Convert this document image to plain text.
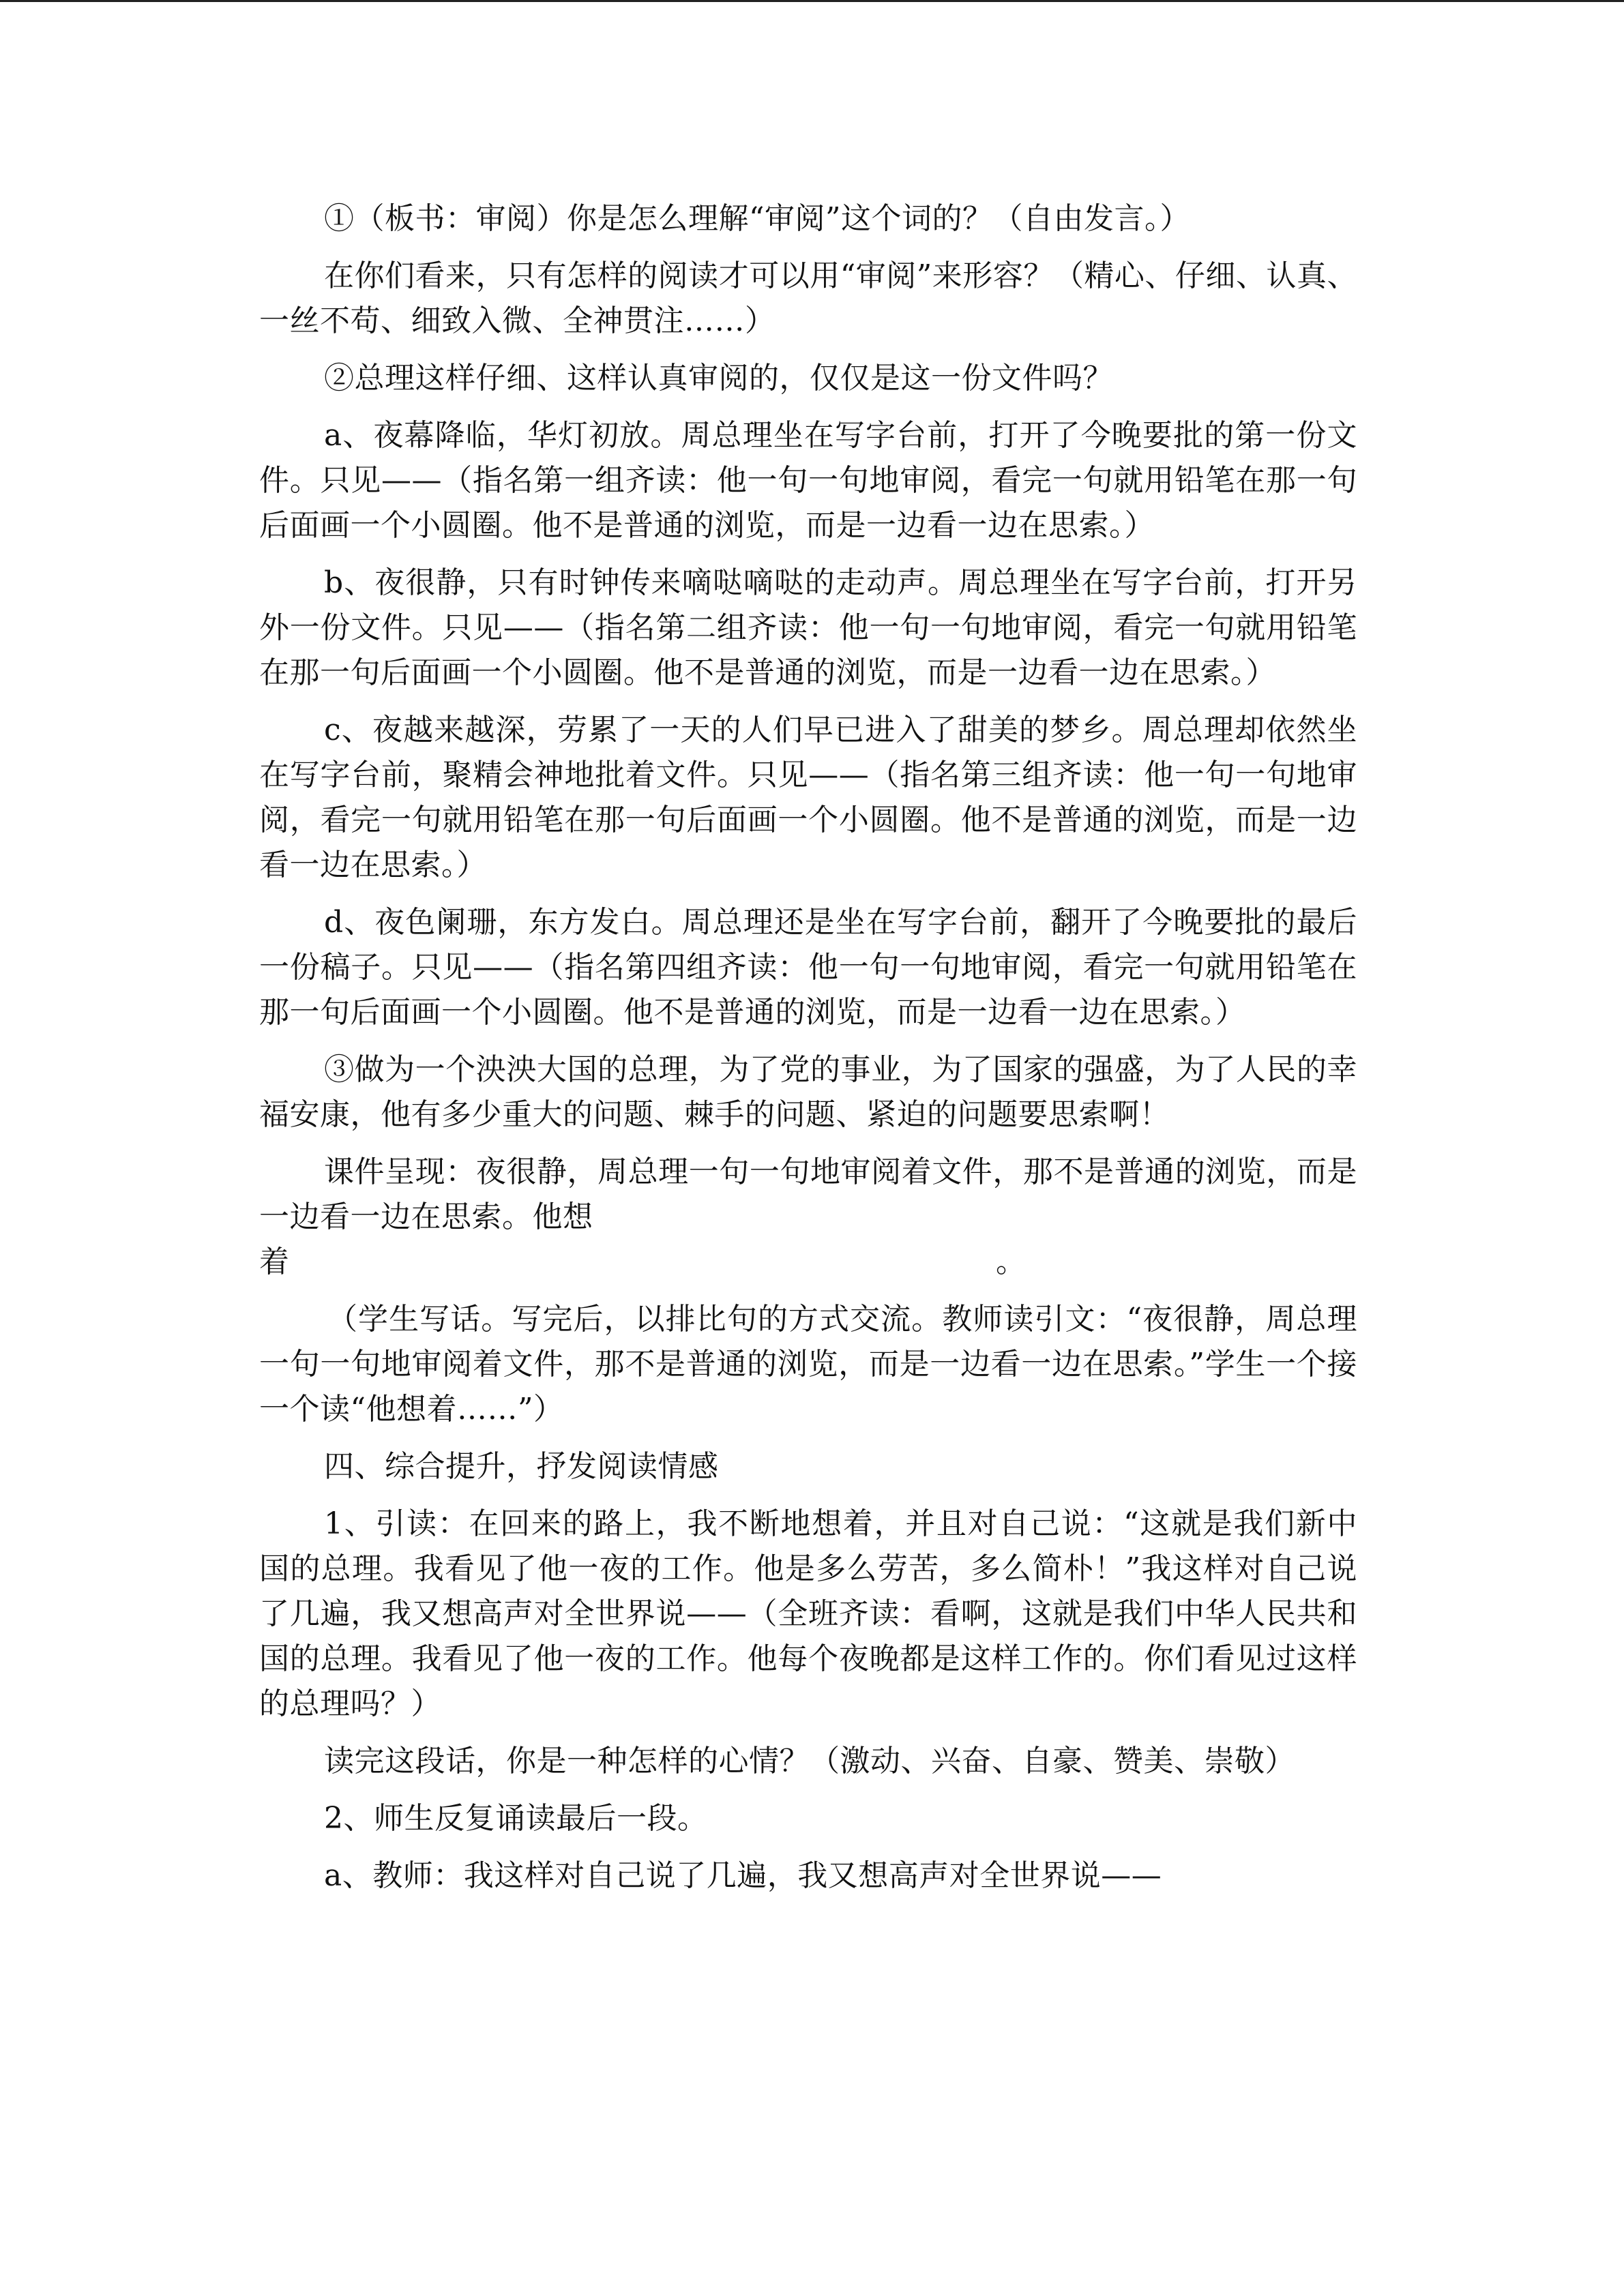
①（板书：审阅）你是怎么理解“审阅”这个词的？（自由发言。）

在你们看来，只有怎样的阅读才可以用“审阅”来形容？（精心、仔细、认真、一丝不苟、细致入微、全神贯注……）

②总理这样仔细、这样认真审阅的，仅仅是这一份文件吗？

a、夜幕降临，华灯初放。周总理坐在写字台前，打开了今晚要批的第一份文件。只见——（指名第一组齐读：他一句一句地审阅，看完一句就用铅笔在那一句后面画一个小圆圈。他不是普通的浏览，而是一边看一边在思索。）

b、夜很静，只有时钟传来嘀哒嘀哒的走动声。周总理坐在写字台前，打开另外一份文件。只见——（指名第二组齐读：他一句一句地审阅，看完一句就用铅笔在那一句后面画一个小圆圈。他不是普通的浏览，而是一边看一边在思索。）

c、夜越来越深，劳累了一天的人们早已进入了甜美的梦乡。周总理却依然坐在写字台前，聚精会神地批着文件。只见——（指名第三组齐读：他一句一句地审阅，看完一句就用铅笔在那一句后面画一个小圆圈。他不是普通的浏览，而是一边看一边在思索。）

d、夜色阑珊，东方发白。周总理还是坐在写字台前，翻开了今晚要批的最后一份稿子。只见——（指名第四组齐读：他一句一句地审阅，看完一句就用铅笔在那一句后面画一个小圆圈。他不是普通的浏览，而是一边看一边在思索。）

③做为一个泱泱大国的总理，为了党的事业，为了国家的强盛，为了人民的幸福安康，他有多少重大的问题、棘手的问题、紧迫的问题要思索啊！

课件呈现：夜很静，周总理一句一句地审阅着文件，那不是普通的浏览，而是一边看一边在思索。他想

着	。

（学生写话。写完后，以排比句的方式交流。教师读引文：“夜很静，周总理一句一句地审阅着文件，那不是普通的浏览，而是一边看一边在思索。”学生一个接一个读“他想着……”）

四、综合提升，抒发阅读情感

1、引读：在回来的路上，我不断地想着，并且对自己说：“这就是我们新中国的总理。我看见了他一夜的工作。他是多么劳苦，多么简朴！”我这样对自己说了几遍，我又想高声对全世界说——（全班齐读：看啊，这就是我们中华人民共和国的总理。我看见了他一夜的工作。他每个夜晚都是这样工作的。你们看见过这样的总理吗？）

读完这段话，你是一种怎样的心情？（激动、兴奋、自豪、赞美、崇敬）

2、师生反复诵读最后一段。

a、教师：我这样对自己说了几遍，我又想高声对全世界说——
